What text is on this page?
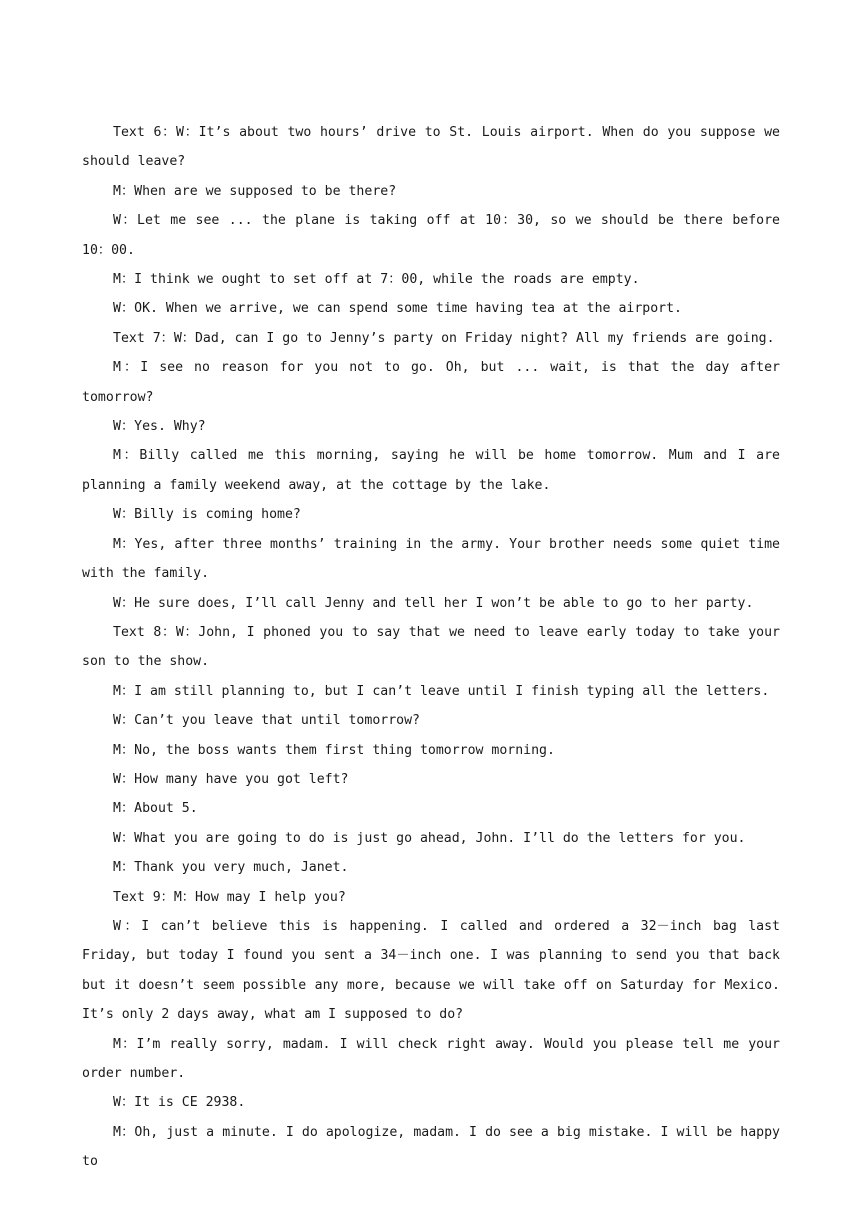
Text 6：W：It’s about two hours’ drive to St. Louis airport. When do you suppose we should leave?

M：When are we supposed to be there?

W：Let me see ... the plane is taking off at 10：30, so we should be there before 10：00.

M：I think we ought to set off at 7：00, while the roads are empty.

W：OK. When we arrive, we can spend some time having tea at the airport.

Text 7：W：Dad, can I go to Jenny’s party on Friday night? All my friends are going.

M：I see no reason for you not to go. Oh, but ... wait, is that the day after tomorrow?

W：Yes. Why?

M：Billy called me this morning, saying he will be home tomorrow. Mum and I are planning a family weekend away, at the cottage by the lake.

W：Billy is coming home?

M：Yes, after three months’ training in the army. Your brother needs some quiet time with the family.

W：He sure does, I’ll call Jenny and tell her I won’t be able to go to her party.

Text 8：W：John, I phoned you to say that we need to leave early today to take your son to the show.

M：I am still planning to, but I can’t leave until I finish typing all the letters.

W：Can’t you leave that until tomorrow?

M：No, the boss wants them first thing tomorrow morning.

W：How many have you got left?

M：About 5.

W：What you are going to do is just go ahead, John. I’ll do the letters for you.

M：Thank you very much, Janet.

Text 9：M：How may I help you?

W：I can’t believe this is happening. I called and ordered a 32－inch bag last Friday, but today I found you sent a 34－inch one. I was planning to send you that back but it doesn’t seem possible any more, because we will take off on Saturday for Mexico. It’s only 2 days away, what am I supposed to do?

M：I’m really sorry, madam. I will check right away. Would you please tell me your order number.

W：It is CE 2938.

M：Oh, just a minute. I do apologize, madam. I do see a big mistake. I will be happy to
